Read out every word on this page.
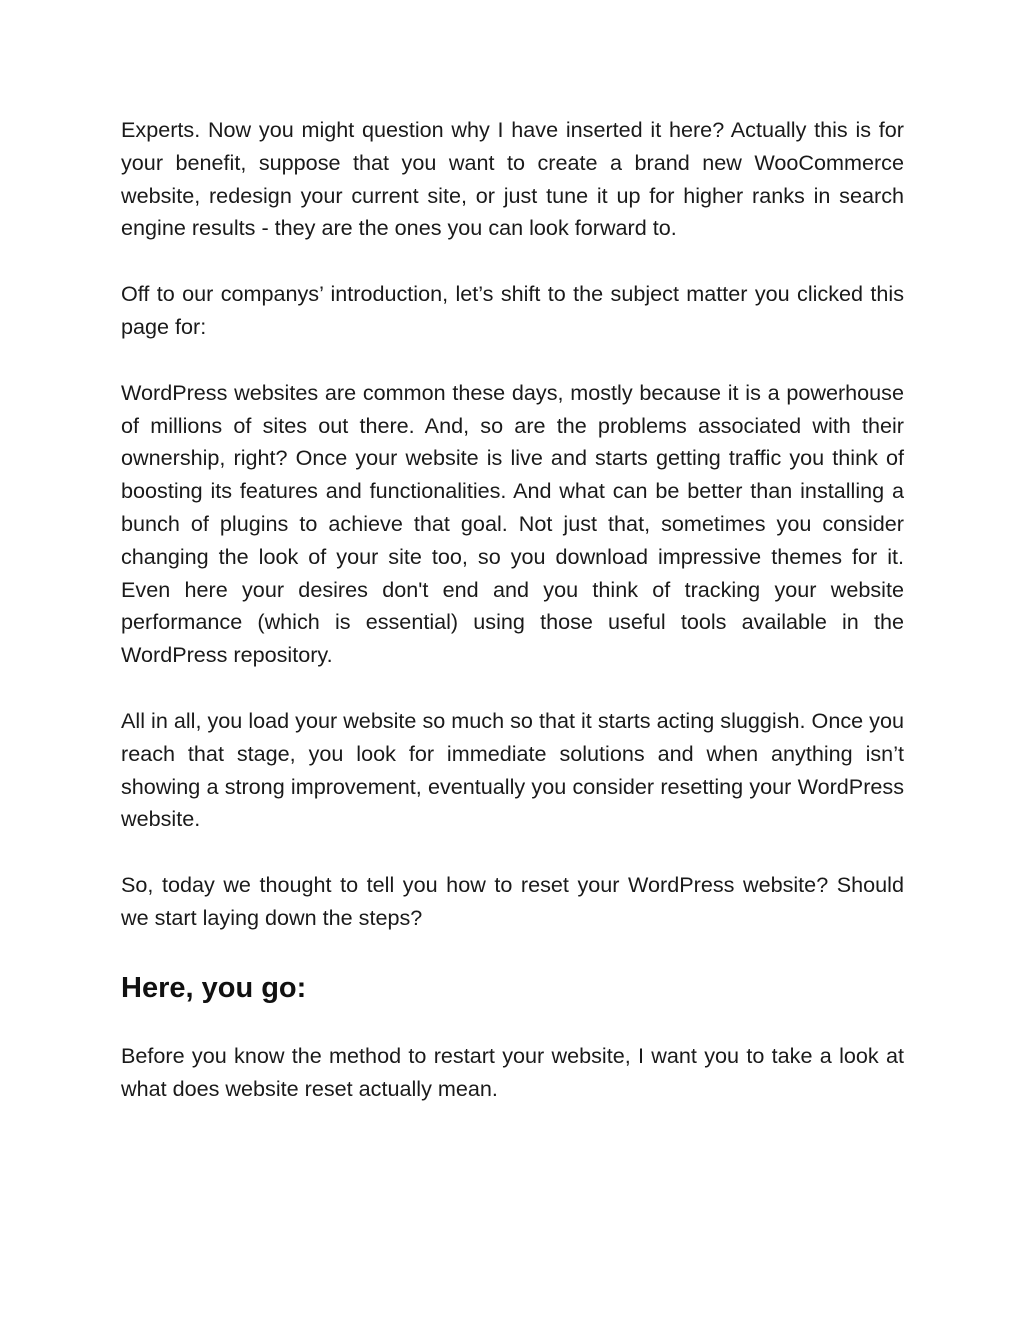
Experts. Now you might question why I have inserted it here? Actually this is for your benefit, suppose that you want to create a brand new WooCommerce website, redesign your current site, or just tune it up for higher ranks in search engine results - they are the ones you can look forward to.

Off to our companys’ introduction, let’s shift to the subject matter you clicked this page for:

WordPress websites are common these days, mostly because it is a powerhouse of millions of sites out there. And, so are the problems associated with their ownership, right? Once your website is live and starts getting traffic you think of boosting its features and functionalities. And what can be better than installing a bunch of plugins to achieve that goal. Not just that, sometimes you consider changing the look of your site too, so you download impressive themes for it. Even here your desires don't end and you think of tracking your website performance (which is essential) using those useful tools available in the WordPress repository.

All in all, you load your website so much so that it starts acting sluggish. Once you reach that stage, you look for immediate solutions and when anything isn’t showing a strong improvement, eventually you consider resetting your WordPress website.

So, today we thought to tell you how to reset your WordPress website? Should we start laying down the steps?

Here, you go:

Before you know the method to restart your website, I want you to take a look at what does website reset actually mean.
